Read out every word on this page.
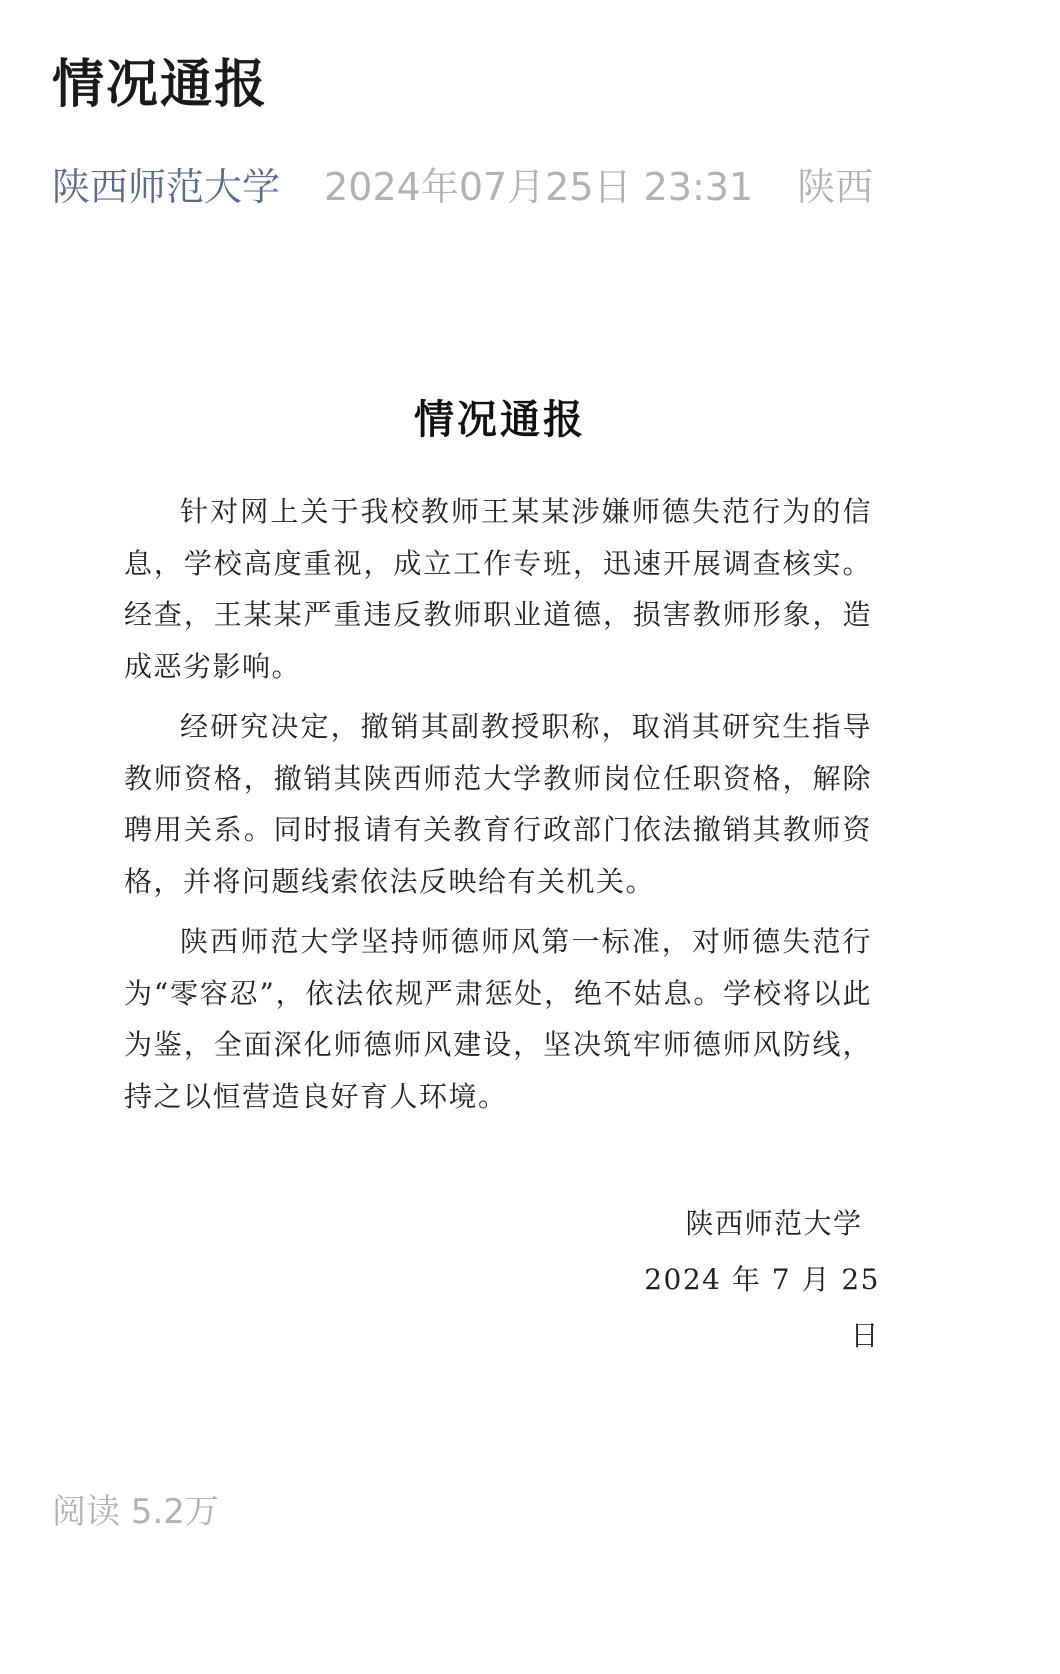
情况通报
陕西师范大学 2024年07月25日 23:31 陕西
情况通报

针对网上关于我校教师王某某涉嫌师德失范行为的信息，学校高度重视，成立工作专班，迅速开展调查核实。经查，王某某严重违反教师职业道德，损害教师形象，造成恶劣影响。

经研究决定，撤销其副教授职称，取消其研究生指导教师资格，撤销其陕西师范大学教师岗位任职资格，解除聘用关系。同时报请有关教育行政部门依法撤销其教师资格，并将问题线索依法反映给有关机关。

陕西师范大学坚持师德师风第一标准，对师德失范行为“零容忍”，依法依规严肃惩处，绝不姑息。学校将以此为鉴，全面深化师德师风建设，坚决筑牢师德师风防线，持之以恒营造良好育人环境。

陕西师范大学
2024 年 7 月 25 日
阅读 5.2万
